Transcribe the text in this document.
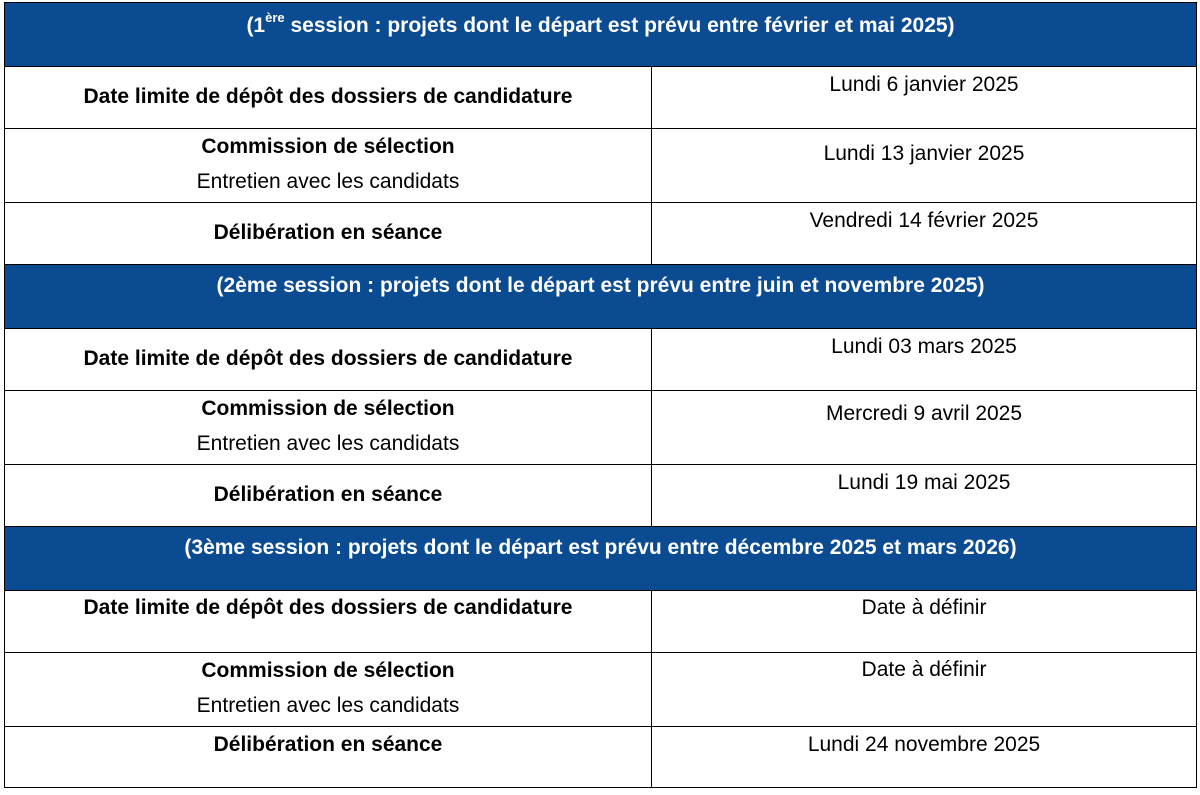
(1ère session : projets dont le départ est prévu entre février et mai 2025)
Date limite de dépôt des dossiers de candidature
Lundi 6 janvier 2025
Commission de sélection
Entretien avec les candidats
Lundi 13 janvier 2025
Délibération en séance
Vendredi 14 février 2025
(2ème session : projets dont le départ est prévu entre juin et novembre 2025)
Date limite de dépôt des dossiers de candidature
Lundi 03 mars 2025
Commission de sélection
Entretien avec les candidats
Mercredi 9 avril 2025
Délibération en séance
Lundi 19 mai 2025
(3ème session : projets dont le départ est prévu entre décembre 2025 et mars 2026)
Date limite de dépôt des dossiers de candidature	Date à définir
Commission de sélection
Entretien avec les candidats
Date à définir
Délibération en séance	Lundi 24 novembre 2025
